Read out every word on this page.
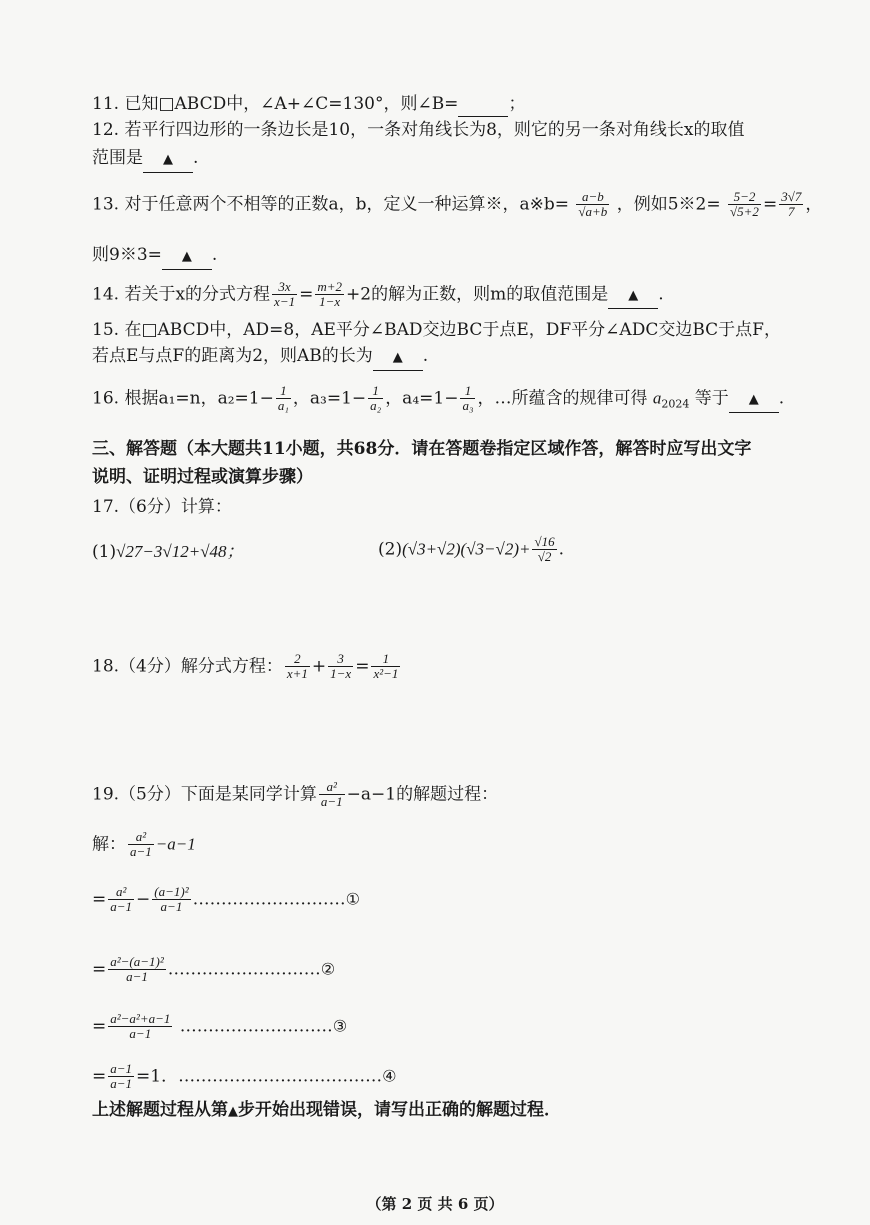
11. 已知□ABCD中，∠A+∠C=130°，则∠B=	；
12. 若平行四边形的一条边长是10，一条对角线长为8，则它的另一条对角线长x的取值
范围是 ▲ .
13. 对于任意两个不相等的正数a，b，定义一种运算※，a※b= $\frac{a-b}{√a+b}$ ，例如5※2= $\frac{5-2}{√5+2} = \frac{3√7}{7}$ ，
则9※3= ▲ .
14. 若关于x的分式方程 $\frac{3x}{x-1} = \frac{m+2}{1-x} +2$的解为正数，则m的取值范围是 ▲ .
15. 在□ABCD中，AD=8，AE平分∠BAD交边BC于点E，DF平分∠ADC交边BC于点F，
若点E与点F的距离为2，则AB的长为 ▲ .
16. 根据a₁=n，$a_2=1- \frac{1}{\text{a₁}}$ ，$a_3=1- \frac{1}{\text{a₂}}$ ，$a_4=1- \frac{1}{\text{a₃}}$ ，…所蕴含的规律可得 $a_{2024}$ 等于 ▲ .
三、解答题（本大题共11小题，共68分．请在答题卷指定区域作答，解答时应写出文字
说明、证明过程或演算步骤）
17.（6分）计算：
(1)√27−3√12+√48；	$(2)(√3+√2)(√3-√2)+ \frac{√16}{√2}$ .
18.（4分）解分式方程： $\frac{2}{x+1} + \frac{3}{1-x} = \frac{1}{\text{x²−1}}$
19.（5分）下面是某同学计算 $\frac{\text{a²}}{a-1} -a-1$的解题过程：
解： $\frac{\text{a²}}{a-1} -a-1$
= $\frac{\text{a²}}{a-1} - \frac{\text{(a−1)²}}{a-1}$ ………………………①
= $\frac{\text{a²−(a−1)²}}{a-1}$ ………………………②
= $\frac{\text{a²−a²+a−1}}{a-1}$ ………………………③
= $\frac{a-1}{a-1} =1$．………………………………④
上述解题过程从第▲步开始出现错误，请写出正确的解题过程．
（第 2 页 共 6 页）
